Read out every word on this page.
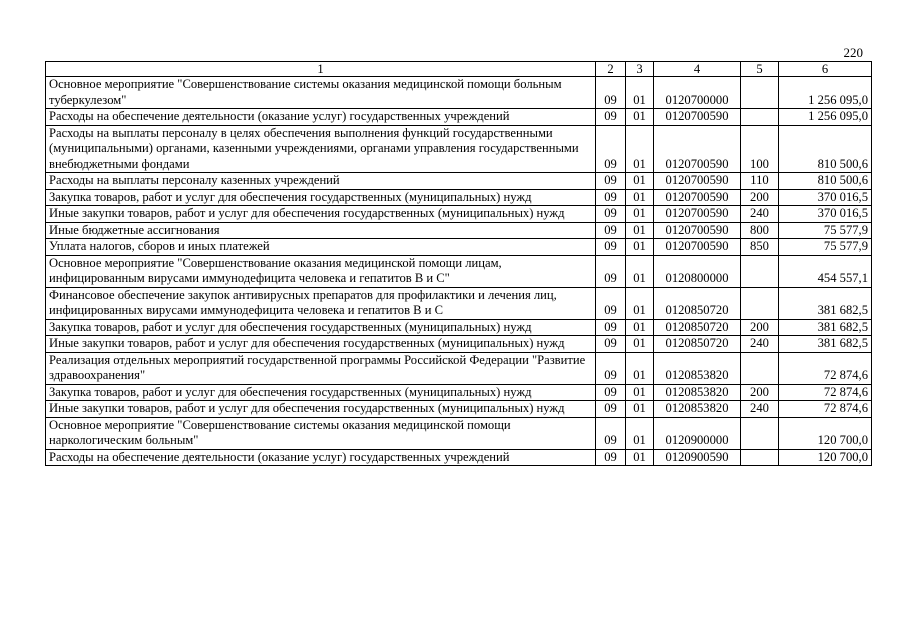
220
1	2	3	4	5	6
Основное мероприятие "Совершенствование системы оказания медицинской помощи больным туберкулезом"	09	01	0120700000		1 256 095,0
Расходы на обеспечение деятельности (оказание услуг) государственных учреждений	09	01	0120700590		1 256 095,0
Расходы на выплаты персоналу в целях обеспечения выполнения функций государственными (муниципальными) органами, казенными учреждениями, органами управления государственными внебюджетными фондами	09	01	0120700590	100	810 500,6
Расходы на выплаты персоналу казенных учреждений	09	01	0120700590	110	810 500,6
Закупка товаров, работ и услуг для обеспечения государственных (муниципальных) нужд	09	01	0120700590	200	370 016,5
Иные закупки товаров, работ и услуг для обеспечения государственных (муниципальных) нужд	09	01	0120700590	240	370 016,5
Иные бюджетные ассигнования	09	01	0120700590	800	75 577,9
Уплата налогов, сборов и иных платежей	09	01	0120700590	850	75 577,9
Основное мероприятие "Совершенствование оказания медицинской помощи лицам, инфицированным вирусами иммунодефицита человека и гепатитов B и C"	09	01	0120800000		454 557,1
Финансовое обеспечение закупок антивирусных препаратов для профилактики и лечения лиц, инфицированных вирусами иммунодефицита человека и гепатитов B и C	09	01	0120850720		381 682,5
Закупка товаров, работ и услуг для обеспечения государственных (муниципальных) нужд	09	01	0120850720	200	381 682,5
Иные закупки товаров, работ и услуг для обеспечения государственных (муниципальных) нужд	09	01	0120850720	240	381 682,5
Реализация отдельных мероприятий государственной программы Российской Федерации "Развитие здравоохранения"	09	01	0120853820		72 874,6
Закупка товаров, работ и услуг для обеспечения государственных (муниципальных) нужд	09	01	0120853820	200	72 874,6
Иные закупки товаров, работ и услуг для обеспечения государственных (муниципальных) нужд	09	01	0120853820	240	72 874,6
Основное мероприятие "Совершенствование системы оказания медицинской помощи наркологическим больным"	09	01	0120900000		120 700,0
Расходы на обеспечение деятельности (оказание услуг) государственных учреждений	09	01	0120900590		120 700,0
